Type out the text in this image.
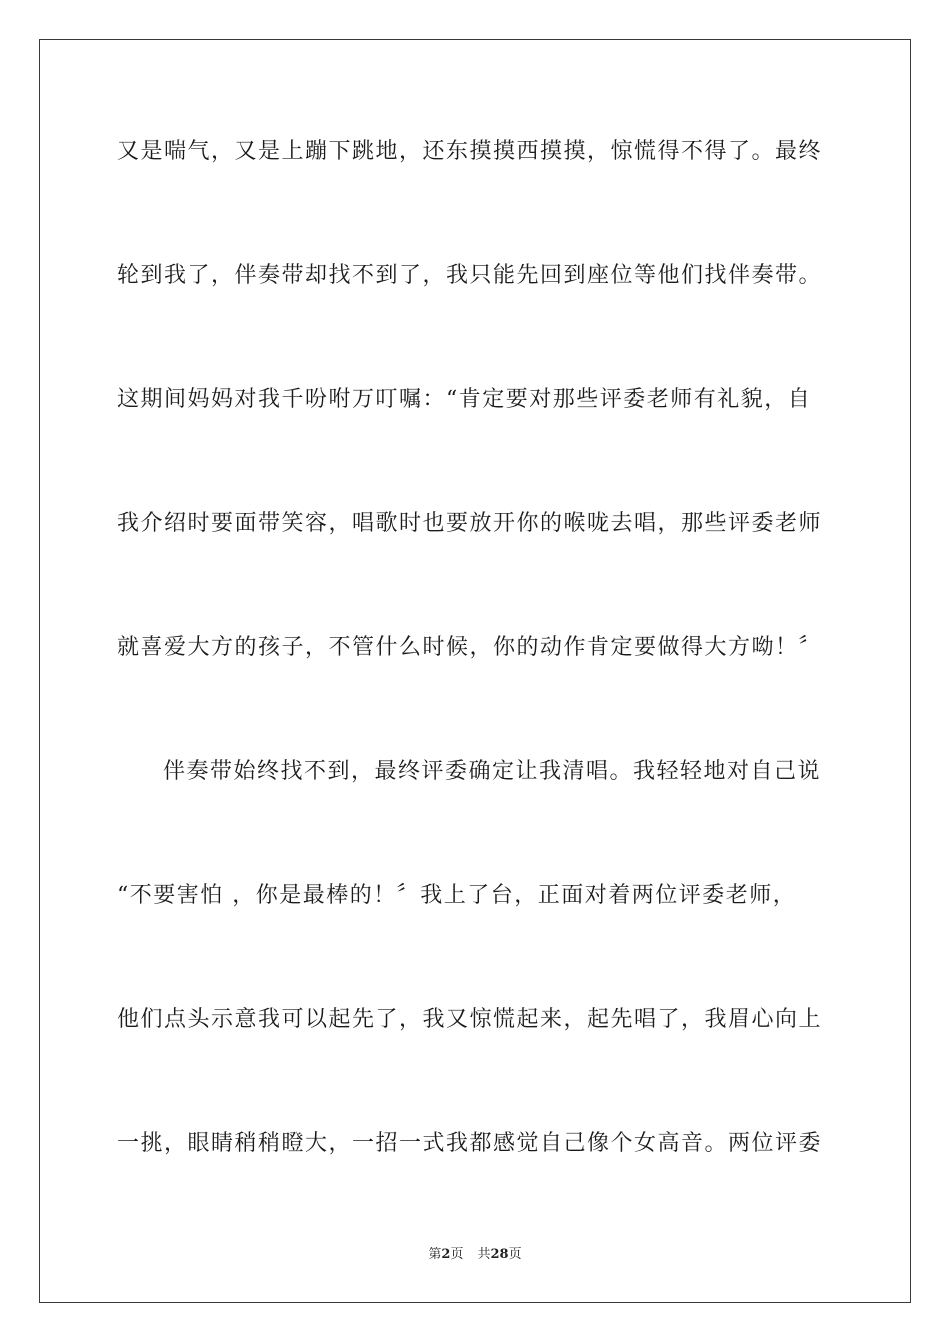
又是喘气，又是上蹦下跳地，还东摸摸西摸摸，惊慌得不得了。最终
轮到我了，伴奏带却找不到了，我只能先回到座位等他们找伴奏带。
这期间妈妈对我千吩咐万叮嘱：“肯定要对那些评委老师有礼貌，自
我介绍时要面带笑容，唱歌时也要放开你的喉咙去唱，那些评委老师
就喜爱大方的孩子，不管什么时候，你的动作肯定要做得大方呦！〞
伴奏带始终找不到，最终评委确定让我清唱。我轻轻地对自己说
“不要害怕 ，你是最棒的！〞我上了台，正面对着两位评委老师，
他们点头示意我可以起先了，我又惊慌起来，起先唱了，我眉心向上
一挑，眼睛稍稍瞪大，一招一式我都感觉自己像个女高音。两位评委
第2页 共28页
